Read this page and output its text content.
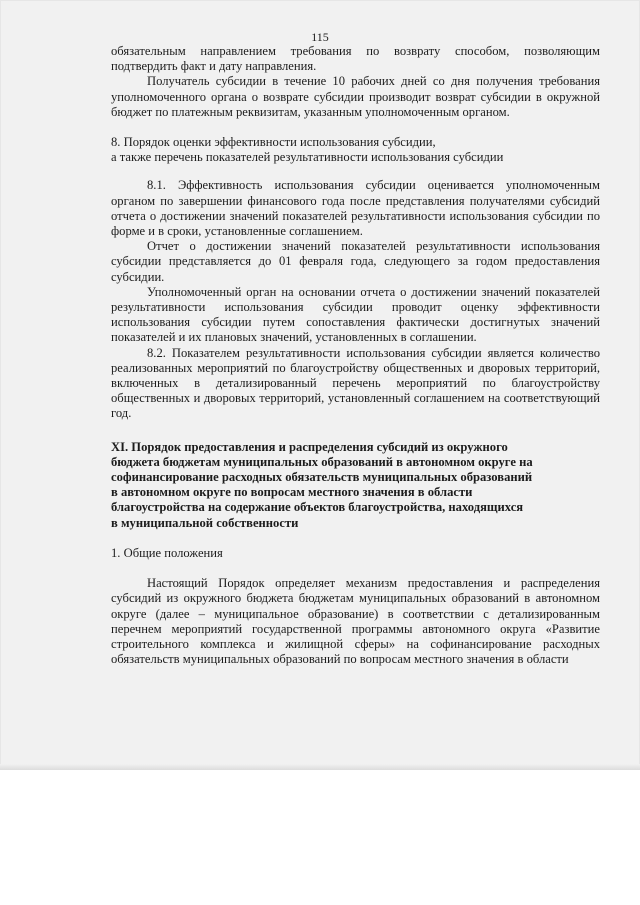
115

обязательным направлением требования по возврату способом, позволяющим подтвердить факт и дату направления.

Получатель субсидии в течение 10 рабочих дней со дня получения требования уполномоченного органа о возврате субсидии производит возврат субсидии в окружной бюджет по платежным реквизитам, указанным уполномоченным органом.

8. Порядок оценки эффективности использования субсидии,

а также перечень показателей результативности использования субсидии

8.1. Эффективность использования субсидии оценивается уполномоченным органом по завершении финансового года после представления получателями субсидий отчета о достижении значений показателей результативности использования субсидии по форме и в сроки, установленные соглашением.

Отчет о достижении значений показателей результативности использования субсидии представляется до 01 февраля года, следующего за годом предоставления субсидии.

Уполномоченный орган на основании отчета о достижении значений показателей результативности использования субсидии проводит оценку эффективности использования субсидии путем сопоставления фактически достигнутых значений показателей и их плановых значений, установленных в соглашении.

8.2. Показателем результативности использования субсидии является количество реализованных мероприятий по благоустройству общественных и дворовых территорий, включенных в детализированный перечень мероприятий по благоустройству общественных и дворовых территорий, установленный соглашением на соответствующий год.

XI. Порядок предоставления и распределения субсидий из окружного

бюджета бюджетам муниципальных образований в автономном округе на

софинансирование расходных обязательств муниципальных образований

в автономном округе по вопросам местного значения в области

благоустройства на содержание объектов благоустройства, находящихся

в муниципальной собственности

1. Общие положения

Настоящий Порядок определяет механизм предоставления и распределения субсидий из окружного бюджета бюджетам муниципальных образований в автономном округе (далее – муниципальное образование) в соответствии с детализированным перечнем мероприятий государственной программы автономного округа «Развитие строительного комплекса и жилищной сферы» на софинансирование расходных обязательств муниципальных образований по вопросам местного значения в области
